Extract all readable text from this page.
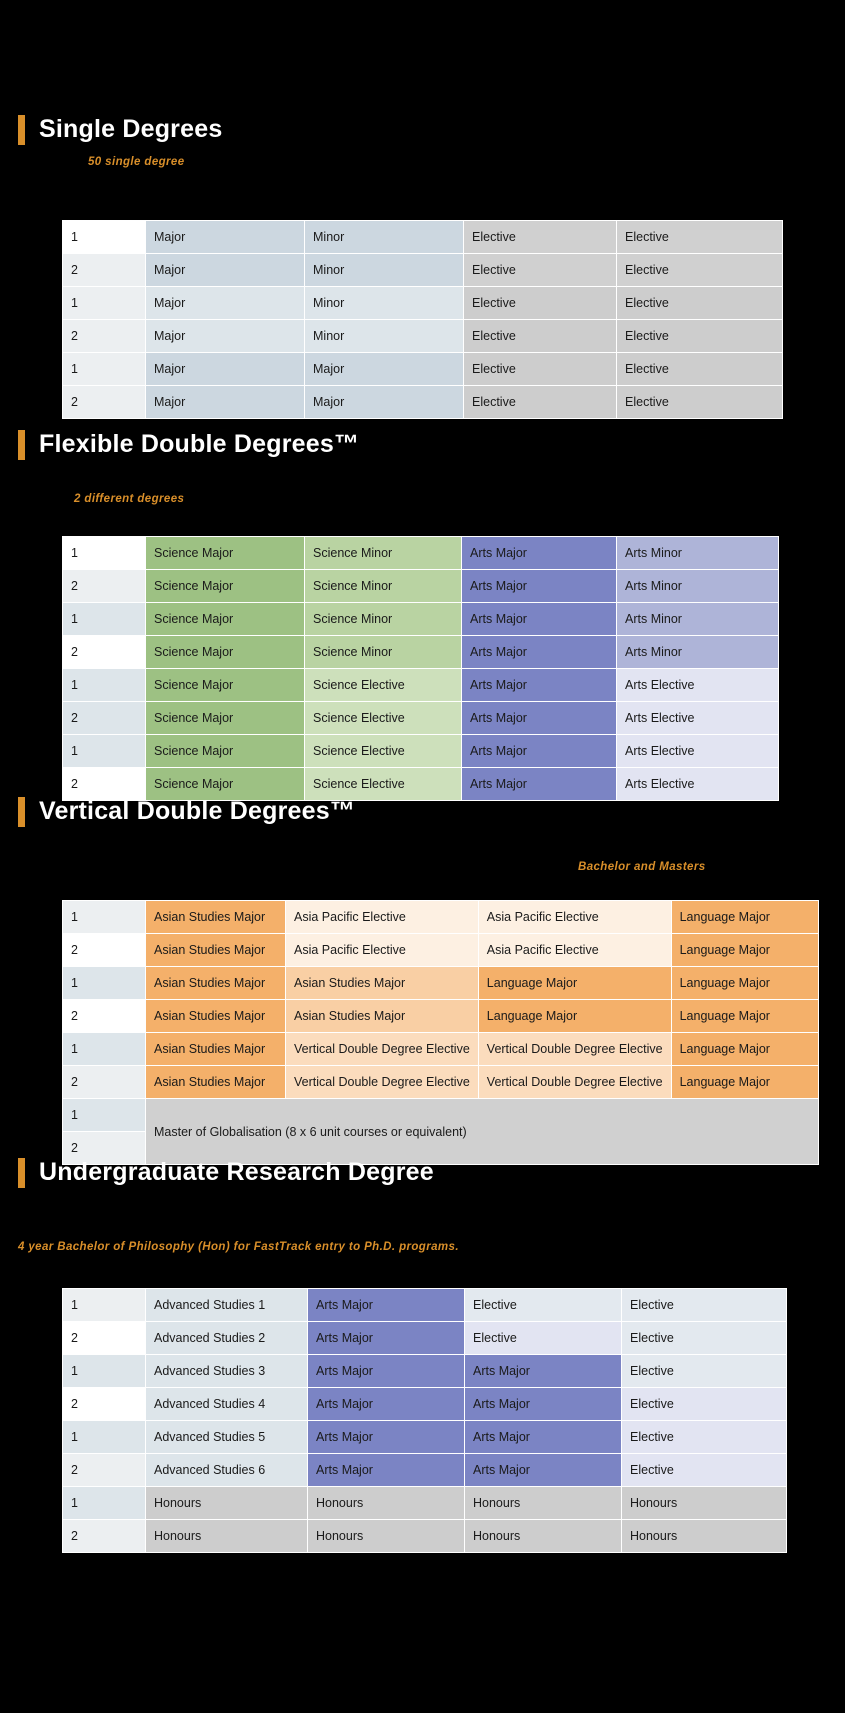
Single Degrees
50 single degree
1	Major	Minor	Elective	Elective
2	Major	Minor	Elective	Elective
1	Major	Minor	Elective	Elective
2	Major	Minor	Elective	Elective
1	Major	Major	Elective	Elective
2	Major	Major	Elective	Elective
Flexible Double Degrees™
2 different degrees
1	Science Major	Science Minor	Arts Major	Arts Minor
2	Science Major	Science Minor	Arts Major	Arts Minor
1	Science Major	Science Minor	Arts Major	Arts Minor
2	Science Major	Science Minor	Arts Major	Arts Minor
1	Science Major	Science Elective	Arts Major	Arts Elective
2	Science Major	Science Elective	Arts Major	Arts Elective
1	Science Major	Science Elective	Arts Major	Arts Elective
2	Science Major	Science Elective	Arts Major	Arts Elective
Vertical Double Degrees™
Bachelor and Masters
1	Asian Studies Major	Asia Pacific Elective	Asia Pacific Elective	Language Major
2	Asian Studies Major	Asia Pacific Elective	Asia Pacific Elective	Language Major
1	Asian Studies Major	Asian Studies Major	Language Major	Language Major
2	Asian Studies Major	Asian Studies Major	Language Major	Language Major
1	Asian Studies Major	Vertical Double Degree Elective	Vertical Double Degree Elective	Language Major
2	Asian Studies Major	Vertical Double Degree Elective	Vertical Double Degree Elective	Language Major
1	Master of Globalisation (8 x 6 unit courses or equivalent)			
2				
Undergraduate Research Degree
4 year Bachelor of Philosophy (Hon) for FastTrack entry to Ph.D. programs.
1	Advanced Studies 1	Arts Major	Elective	Elective
2	Advanced Studies 2	Arts Major	Elective	Elective
1	Advanced Studies 3	Arts Major	Arts Major	Elective
2	Advanced Studies 4	Arts Major	Arts Major	Elective
1	Advanced Studies 5	Arts Major	Arts Major	Elective
2	Advanced Studies 6	Arts Major	Arts Major	Elective
1	Honours	Honours	Honours	Honours
2	Honours	Honours	Honours	Honours
